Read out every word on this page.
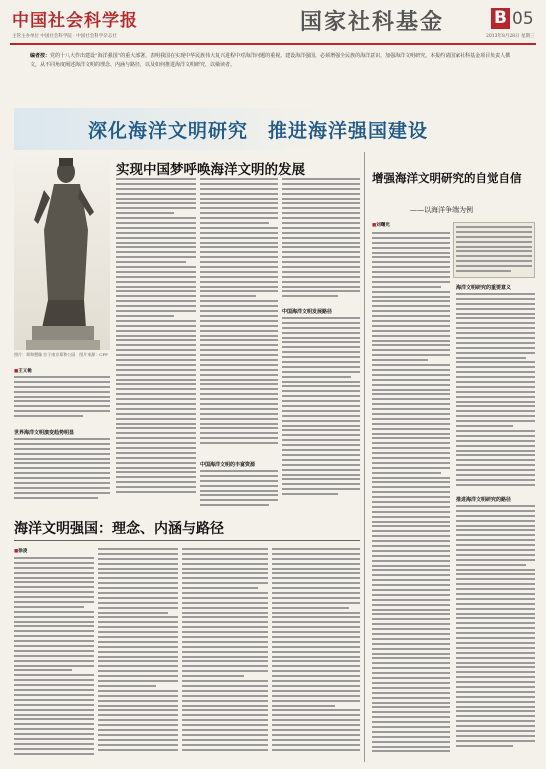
中国社会科学报
主管主办单位 中国社会科学院 · 中国社会科学杂志社
国家社科基金	B 05
2013年8月28日 星期三
编者按：党的十八大作出建设“海洋强国”的重大部署，表明我国在实现中华民族伟大复兴进程中对海洋问题的重视。建设海洋强国，必须增强全民族的海洋意识，加强海洋文明研究。本报约请国家社科基金项目负责人撰文，从不同角度阐述海洋文明的理念、内涵与路径，以及如何推进海洋文明研究，以飨读者。
深化海洋文明研究　推进海洋强国建设
图片：郑和塑像 位于南京郑和公园　图片来源：CFP
实现中国梦呼唤海洋文明的发展
■ 王义桅
世界海洋文明演变趋势明显
中国海洋文明的丰富资源
中国海洋文明发展路径
增强海洋文明研究的自觉自信
——以海洋争端为例
■ 刘曙光
海洋文明研究的重要意义
推进海洋文明研究的路径
海洋文明强国：理念、内涵与路径
■ 徐凌
